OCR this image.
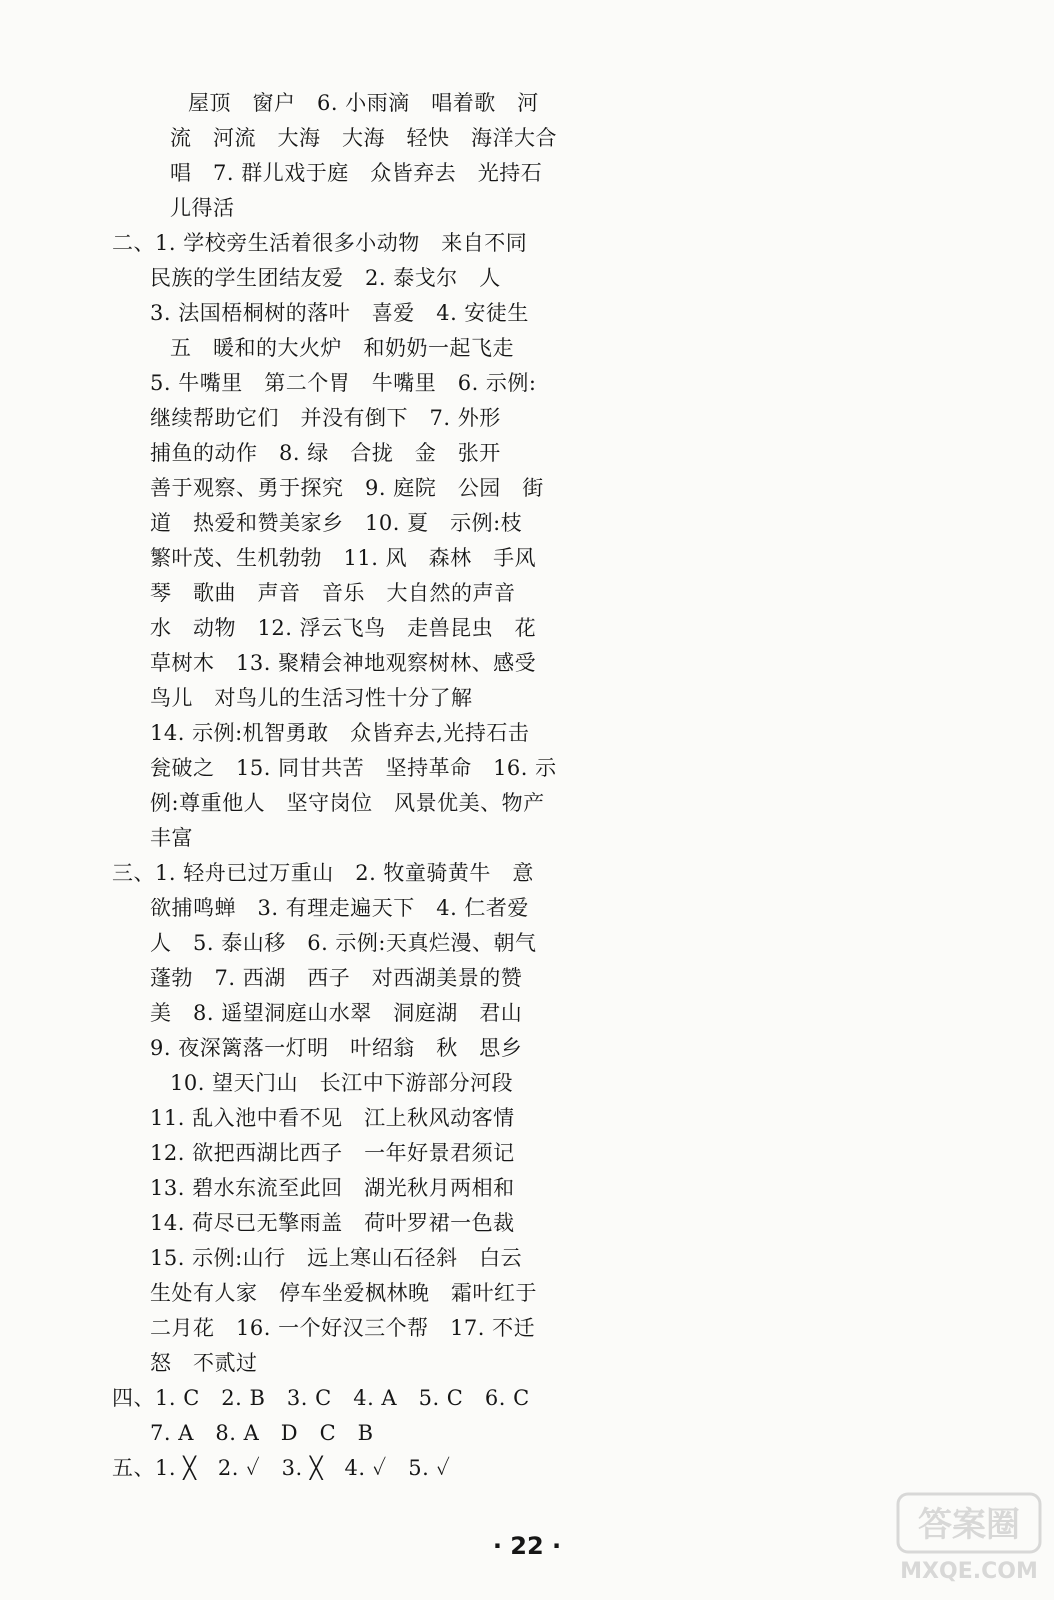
屋顶　窗户　6. 小雨滴　唱着歌　河
流　河流　大海　大海　轻快　海洋大合
唱　7. 群儿戏于庭　众皆弃去　光持石
儿得活
二、1. 学校旁生活着很多小动物　来自不同
民族的学生团结友爱　2. 泰戈尔　人
3. 法国梧桐树的落叶　喜爱　4. 安徒生
五　暖和的大火炉　和奶奶一起飞走
5. 牛嘴里　第二个胃　牛嘴里　6. 示例:
继续帮助它们　并没有倒下　7. 外形
捕鱼的动作　8. 绿　合拢　金　张开
善于观察、勇于探究　9. 庭院　公园　街
道　热爱和赞美家乡　10. 夏　示例:枝
繁叶茂、生机勃勃　11. 风　森林　手风
琴　歌曲　声音　音乐　大自然的声音
水　动物　12. 浮云飞鸟　走兽昆虫　花
草树木　13. 聚精会神地观察树林、感受
鸟儿　对鸟儿的生活习性十分了解
14. 示例:机智勇敢　众皆弃去,光持石击
瓮破之　15. 同甘共苦　坚持革命　16. 示
例:尊重他人　坚守岗位　风景优美、物产
丰富
三、1. 轻舟已过万重山　2. 牧童骑黄牛　意
欲捕鸣蝉　3. 有理走遍天下　4. 仁者爱
人　5. 泰山移　6. 示例:天真烂漫、朝气
蓬勃　7. 西湖　西子　对西湖美景的赞
美　8. 遥望洞庭山水翠　洞庭湖　君山
9. 夜深篱落一灯明　叶绍翁　秋　思乡
10. 望天门山　长江中下游部分河段
11. 乱入池中看不见　江上秋风动客情
12. 欲把西湖比西子　一年好景君须记
13. 碧水东流至此回　湖光秋月两相和
14. 荷尽已无擎雨盖　荷叶罗裙一色裁
15. 示例:山行　远上寒山石径斜　白云
生处有人家　停车坐爱枫林晚　霜叶红于
二月花　16. 一个好汉三个帮　17. 不迁
怒　不贰过
四、1. C　2. B　3. C　4. A　5. C　6. C
7. A　8. A　D　C　B
五、1. ╳　2. ✓　3. ╳　4. ✓　5. ✓
· 22 ·
答案圈
MXQE.COM
